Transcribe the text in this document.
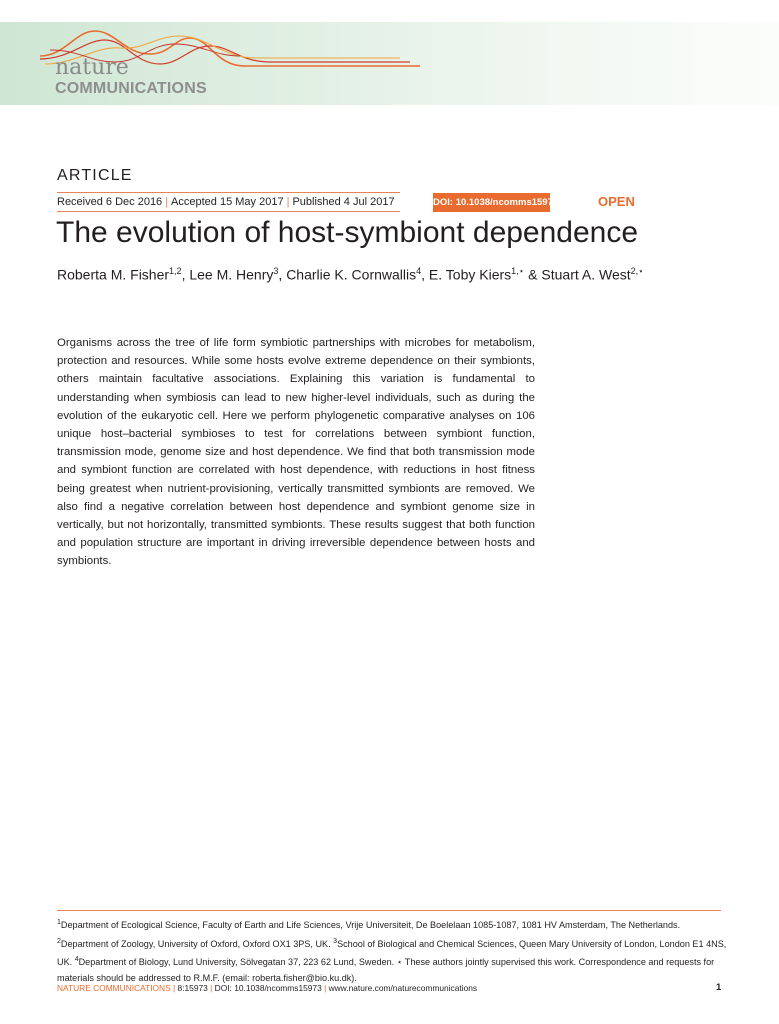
nature
COMMUNICATIONS
ARTICLE
Received 6 Dec 2016 | Accepted 15 May 2017 | Published 4 Jul 2017	DOI: 10.1038/ncomms15973	OPEN
The evolution of host-symbiont dependence
Roberta M. Fisher$^{1,2}$, Lee M. Henry$^3$, Charlie K. Cornwallis$^4$, E. Toby Kiers$^{1,⋆}$ & Stuart A. West$^{2,⋆}$

Organisms across the tree of life form symbiotic partnerships with microbes for metabolism, protection and resources. While some hosts evolve extreme dependence on their symbionts, others maintain facultative associations. Explaining this variation is fundamental to understanding when symbiosis can lead to new higher-level individuals, such as during the evolution of the eukaryotic cell. Here we perform phylogenetic comparative analyses on 106 unique host–bacterial symbioses to test for correlations between symbiont function, transmission mode, genome size and host dependence. We find that both transmission mode and symbiont function are correlated with host dependence, with reductions in host fitness being greatest when nutrient-provisioning, vertically transmitted symbionts are removed. We also find a negative correlation between host dependence and symbiont genome size in vertically, but not horizontally, transmitted symbionts. These results suggest that both function and population structure are important in driving irreversible dependence between hosts and symbionts.

$^1$Department of Ecological Science, Faculty of Earth and Life Sciences, Vrije Universiteit, De Boelelaan 1085-1087, 1081 HV Amsterdam, The Netherlands. $^2$Department of Zoology, University of Oxford, Oxford OX1 3PS, UK. $^3$School of Biological and Chemical Sciences, Queen Mary University of London, London E1 4NS, UK. $^4$Department of Biology, Lund University, Sölvegatan 37, 223 62 Lund, Sweden. ⋆ These authors jointly supervised this work. Correspondence and requests for materials should be addressed to R.M.F. (email: roberta.fisher@bio.ku.dk).

NATURE COMMUNICATIONS | 8:15973 | DOI: 10.1038/ncomms15973 | www.nature.com/naturecommunications	1
